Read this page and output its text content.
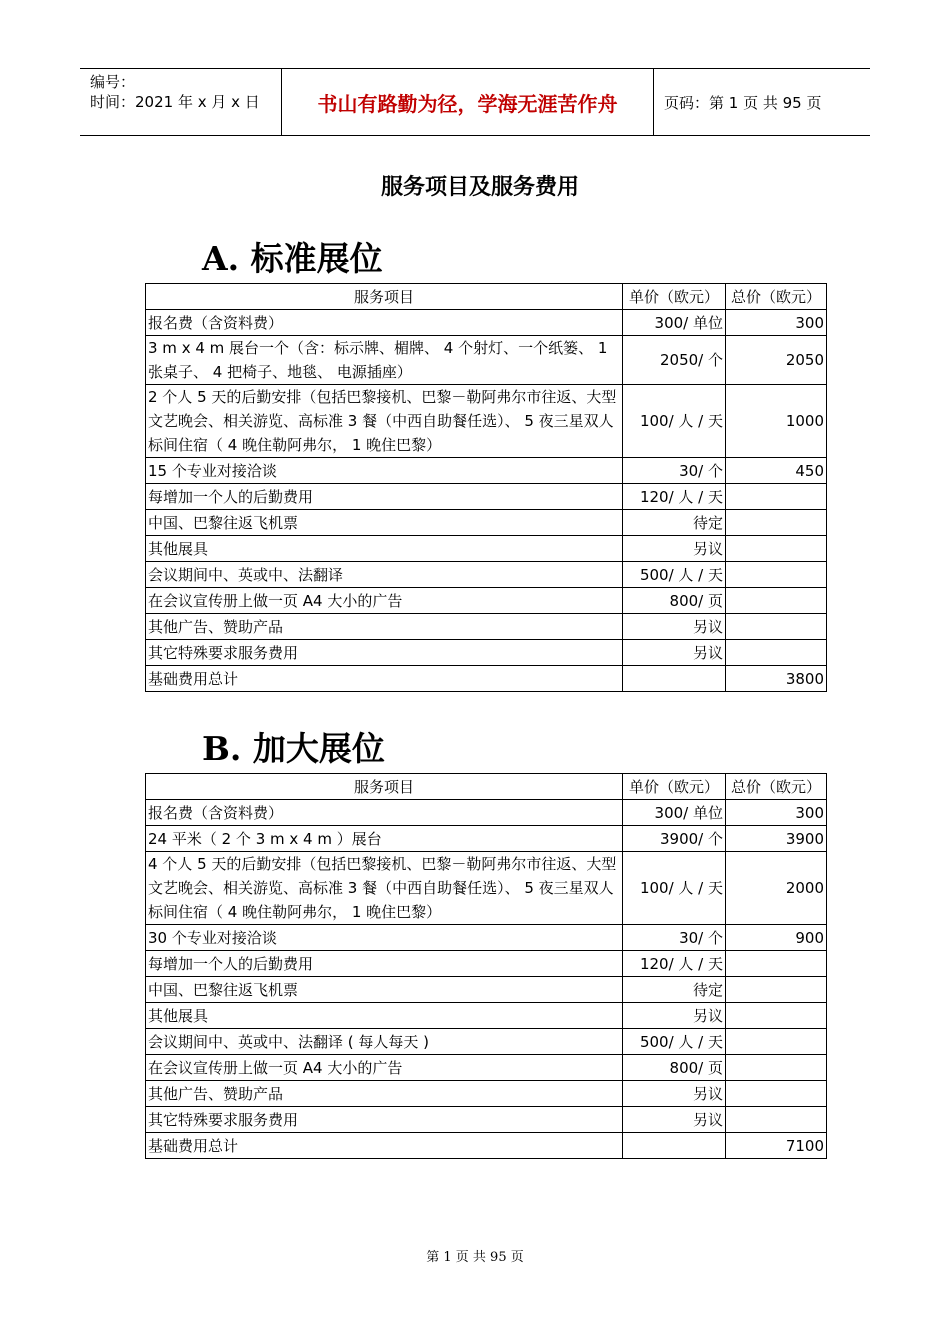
编号：
时间：2021 年 x 月 x 日	书山有路勤为径，学海无涯苦作舟	页码：第 1 页 共 95 页
服务项目及服务费用
A. 标准展位
服务项目	单价（欧元）	总价（欧元）
报名费（含资料费）	300/ 单位	300
3 m x 4 m 展台一个（含：标示牌、楣牌、 4 个射灯、一个纸篓、 1 张桌子、 4 把椅子、地毯、 电源插座）	2050/ 个	2050
2 个人 5 天的后勤安排（包括巴黎接机、巴黎－勒阿弗尔市往返、大型文艺晚会、相关游览、高标准 3 餐（中西自助餐任选）、 5 夜三星双人标间住宿（ 4 晚住勒阿弗尔， 1 晚住巴黎）	100/ 人 / 天	1000
15 个专业对接洽谈	30/ 个	450
每增加一个人的后勤费用	120/ 人 / 天	
中国、巴黎往返飞机票	待定	
其他展具	另议	
会议期间中、英或中、法翻译	500/ 人 / 天	
在会议宣传册上做一页 A4 大小的广告	800/ 页	
其他广告、赞助产品	另议	
其它特殊要求服务费用	另议	
基础费用总计		3800
B. 加大展位
服务项目	单价（欧元）	总价（欧元）
报名费（含资料费）	300/ 单位	300
24 平米（ 2 个 3 m x 4 m ）展台	3900/ 个	3900
4 个人 5 天的后勤安排（包括巴黎接机、巴黎－勒阿弗尔市往返、大型文艺晚会、相关游览、高标准 3 餐（中西自助餐任选）、 5 夜三星双人标间住宿（ 4 晚住勒阿弗尔， 1 晚住巴黎）	100/ 人 / 天	2000
30 个专业对接洽谈	30/ 个	900
每增加一个人的后勤费用	120/ 人 / 天	
中国、巴黎往返飞机票	待定	
其他展具	另议	
会议期间中、英或中、法翻译 ( 每人每天 )	500/ 人 / 天	
在会议宣传册上做一页 A4 大小的广告	800/ 页	
其他广告、赞助产品	另议	
其它特殊要求服务费用	另议	
基础费用总计		7100
第 1 页 共 95 页
